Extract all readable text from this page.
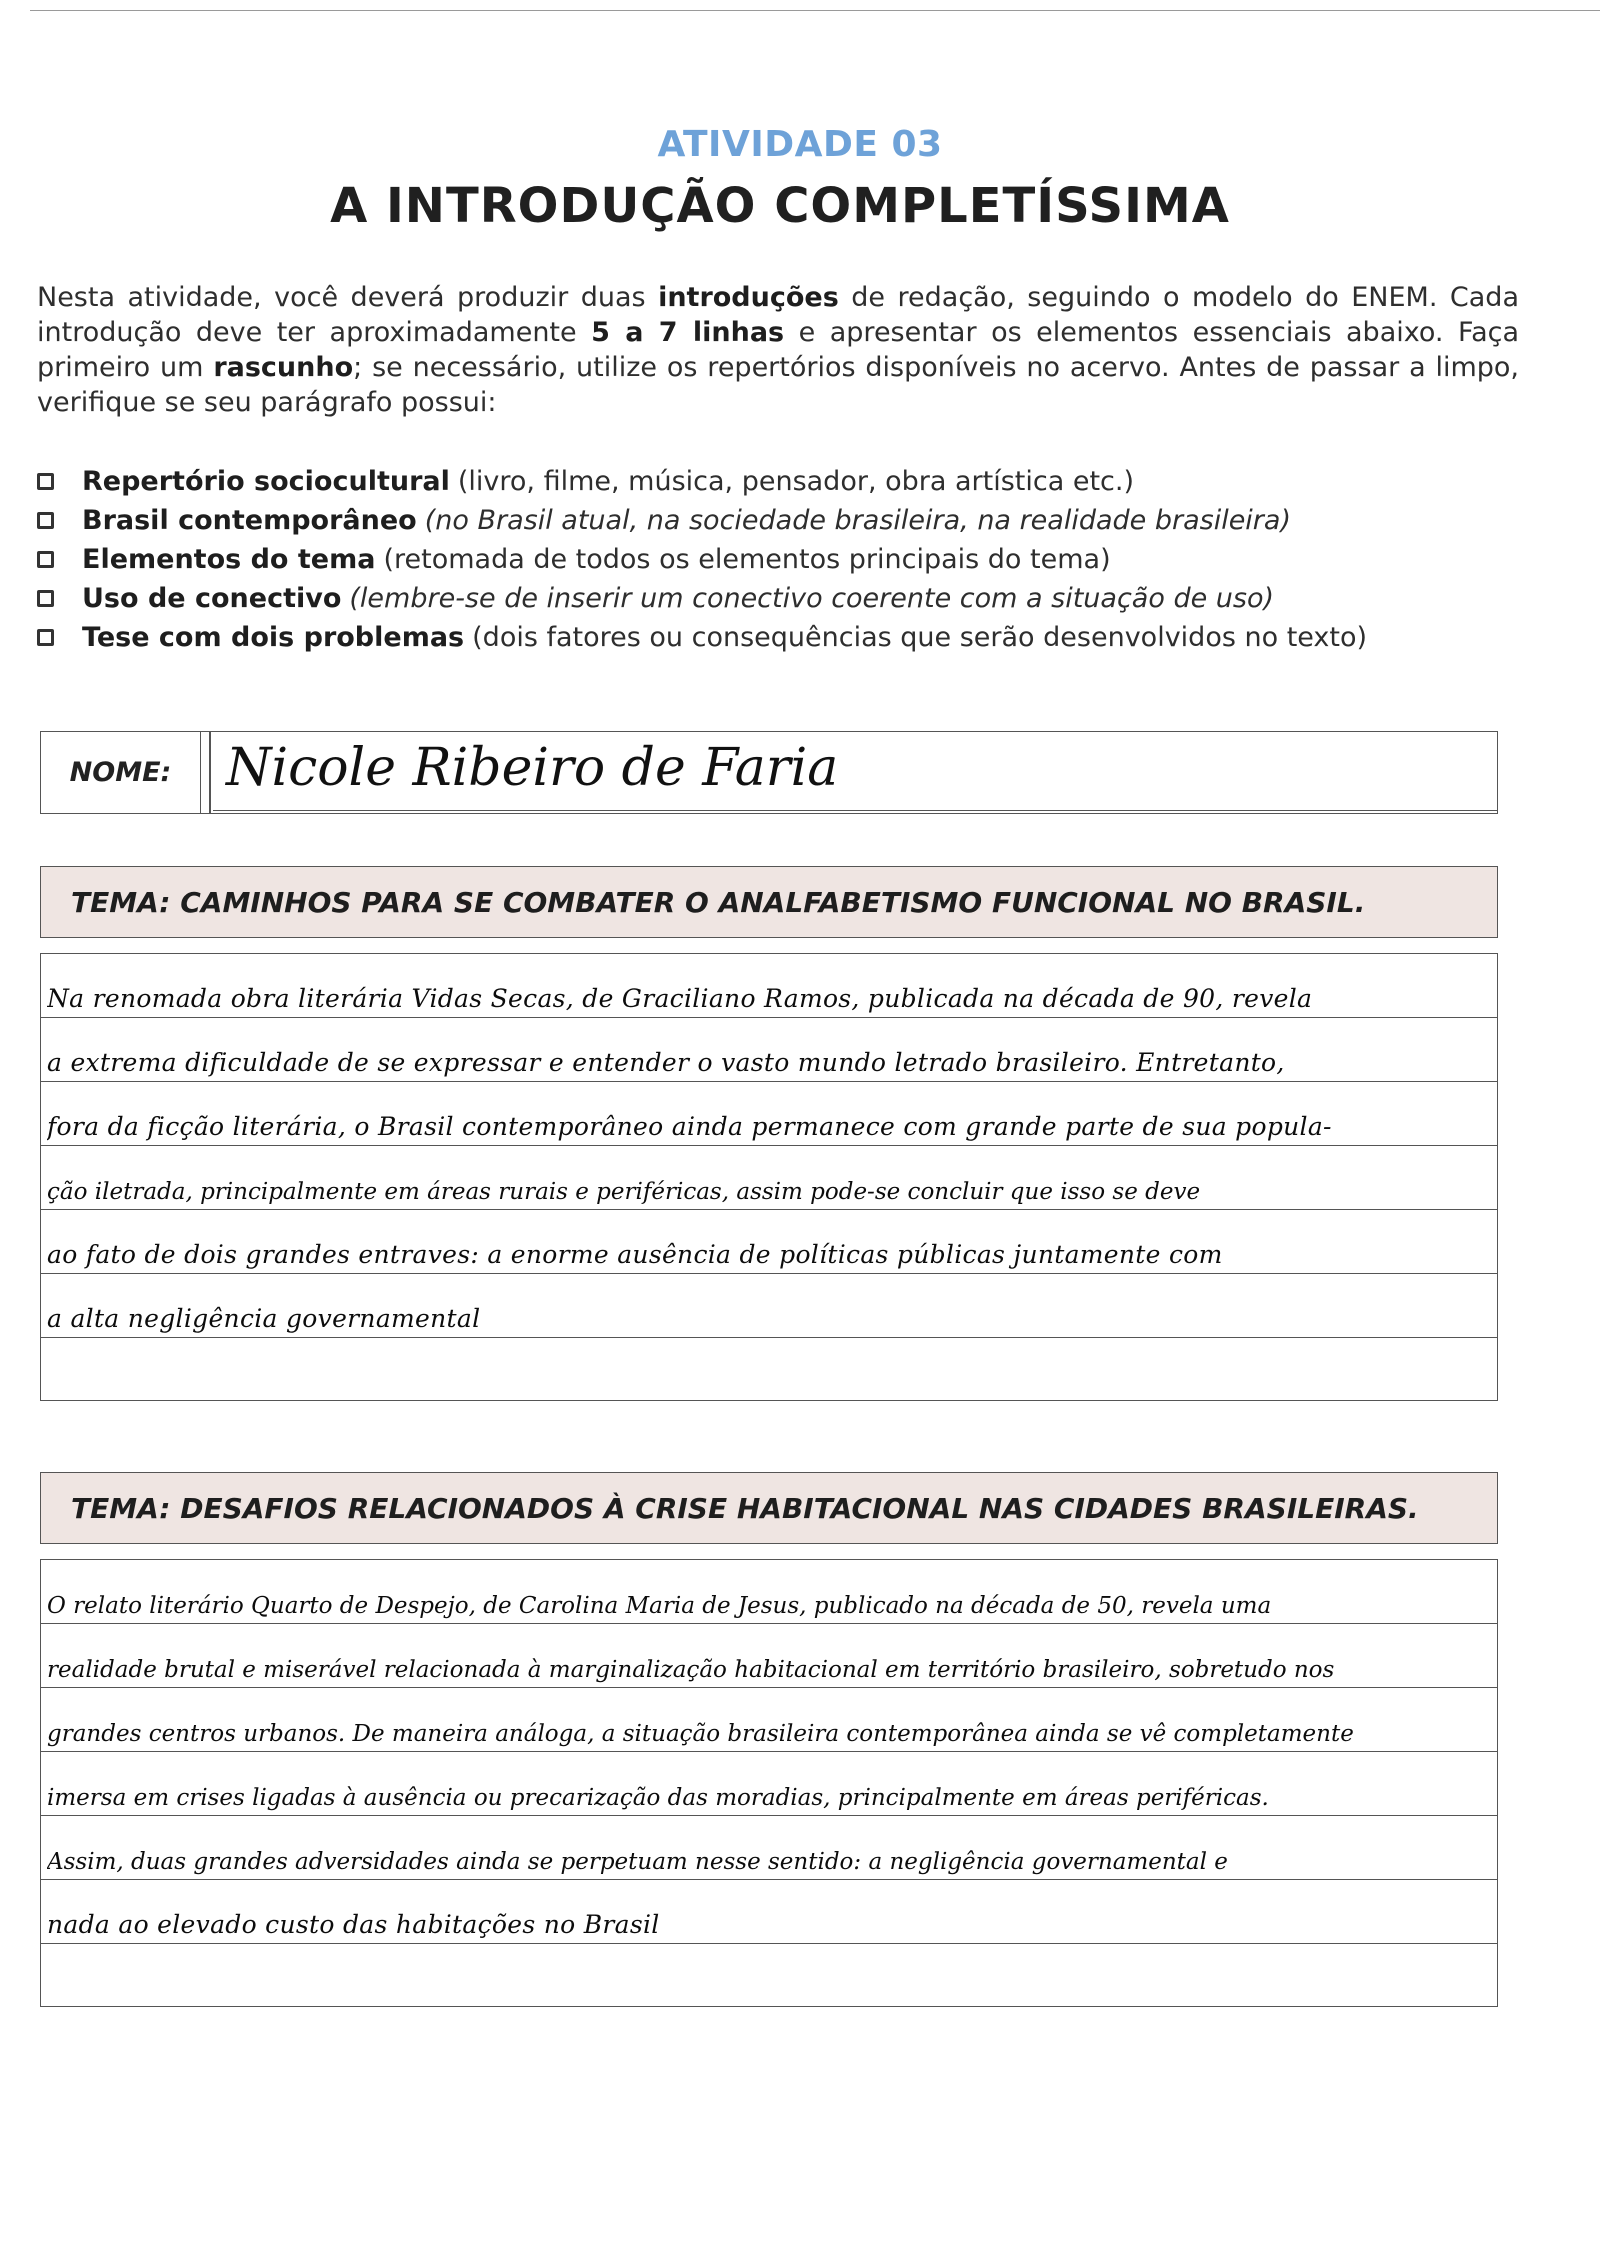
ATIVIDADE 03
A INTRODUÇÃO COMPLETÍSSIMA

Nesta atividade, você deverá produzir duas introduções de redação, seguindo o modelo do ENEM. Cada introdução deve ter aproximadamente 5 a 7 linhas e apresentar os elementos essenciais abaixo. Faça primeiro um rascunho; se necessário, utilize os repertórios disponíveis no acervo. Antes de passar a limpo, verifique se seu parágrafo possui:

Repertório sociocultural (livro, filme, música, pensador, obra artística etc.)
Brasil contemporâneo (no Brasil atual, na sociedade brasileira, na realidade brasileira)
Elementos do tema (retomada de todos os elementos principais do tema)
Uso de conectivo (lembre-se de inserir um conectivo coerente com a situação de uso)
Tese com dois problemas (dois fatores ou consequências que serão desenvolvidos no texto)
NOME:	Nicole Ribeiro de Faria
TEMA: CAMINHOS PARA SE COMBATER O ANALFABETISMO FUNCIONAL NO BRASIL.
Na renomada obra literária Vidas Secas, de Graciliano Ramos, publicada na década de 90, revela
a extrema dificuldade de se expressar e entender o vasto mundo letrado brasileiro. Entretanto,
fora da ficção literária, o Brasil contemporâneo ainda permanece com grande parte de sua popula-
ção iletrada, principalmente em áreas rurais e periféricas, assim pode-se concluir que isso se deve
ao fato de dois grandes entraves: a enorme ausência de políticas públicas juntamente com
a alta negligência governamental
TEMA: DESAFIOS RELACIONADOS À CRISE HABITACIONAL NAS CIDADES BRASILEIRAS.
O relato literário Quarto de Despejo, de Carolina Maria de Jesus, publicado na década de 50, revela uma
realidade brutal e miserável relacionada à marginalização habitacional em território brasileiro, sobretudo nos
grandes centros urbanos. De maneira análoga, a situação brasileira contemporânea ainda se vê completamente
imersa em crises ligadas à ausência ou precarização das moradias, principalmente em áreas periféricas.
Assim, duas grandes adversidades ainda se perpetuam nesse sentido: a negligência governamental e
nada ao elevado custo das habitações no Brasil
